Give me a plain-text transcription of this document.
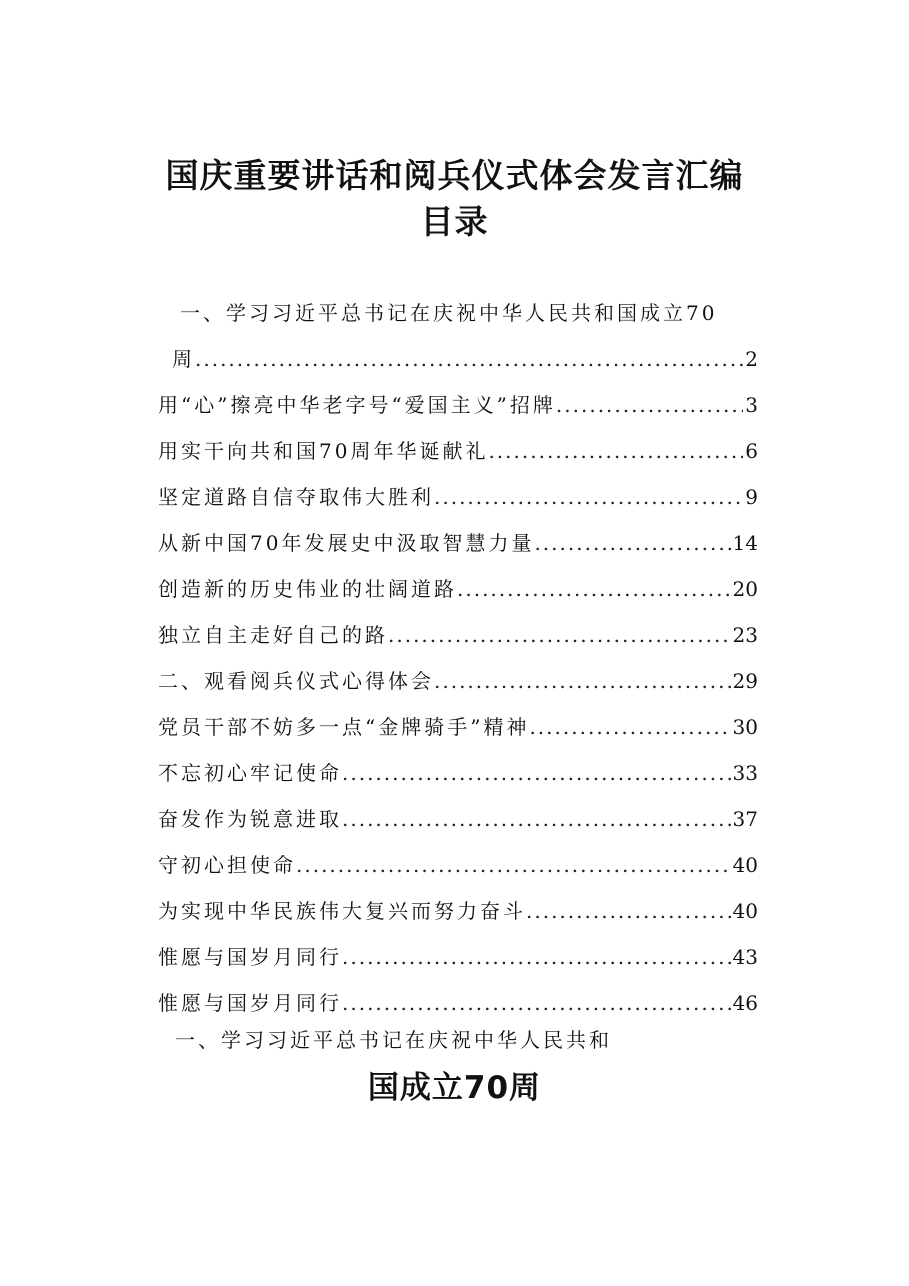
国庆重要讲话和阅兵仪式体会发言汇编
目录
一、学习习近平总书记在庆祝中华人民共和国成立70
周 .....	2
用“心”擦亮中华老字号“爱国主义”招牌 .....	3
用实干向共和国70周年华诞献礼 .....	6
坚定道路自信夺取伟大胜利 .....	9
从新中国70年发展史中汲取智慧力量 .....	14
创造新的历史伟业的壮阔道路 .....	20
独立自主走好自己的路 .....	23
二、观看阅兵仪式心得体会 .....	29
党员干部不妨多一点“金牌骑手”精神 .....	30
不忘初心牢记使命 .....	33
奋发作为锐意进取 .....	37
守初心担使命 .....	40
为实现中华民族伟大复兴而努力奋斗 .....	40
惟愿与国岁月同行 .....	43
惟愿与国岁月同行 .....	46
一、学习习近平总书记在庆祝中华人民共和
国成立70周
